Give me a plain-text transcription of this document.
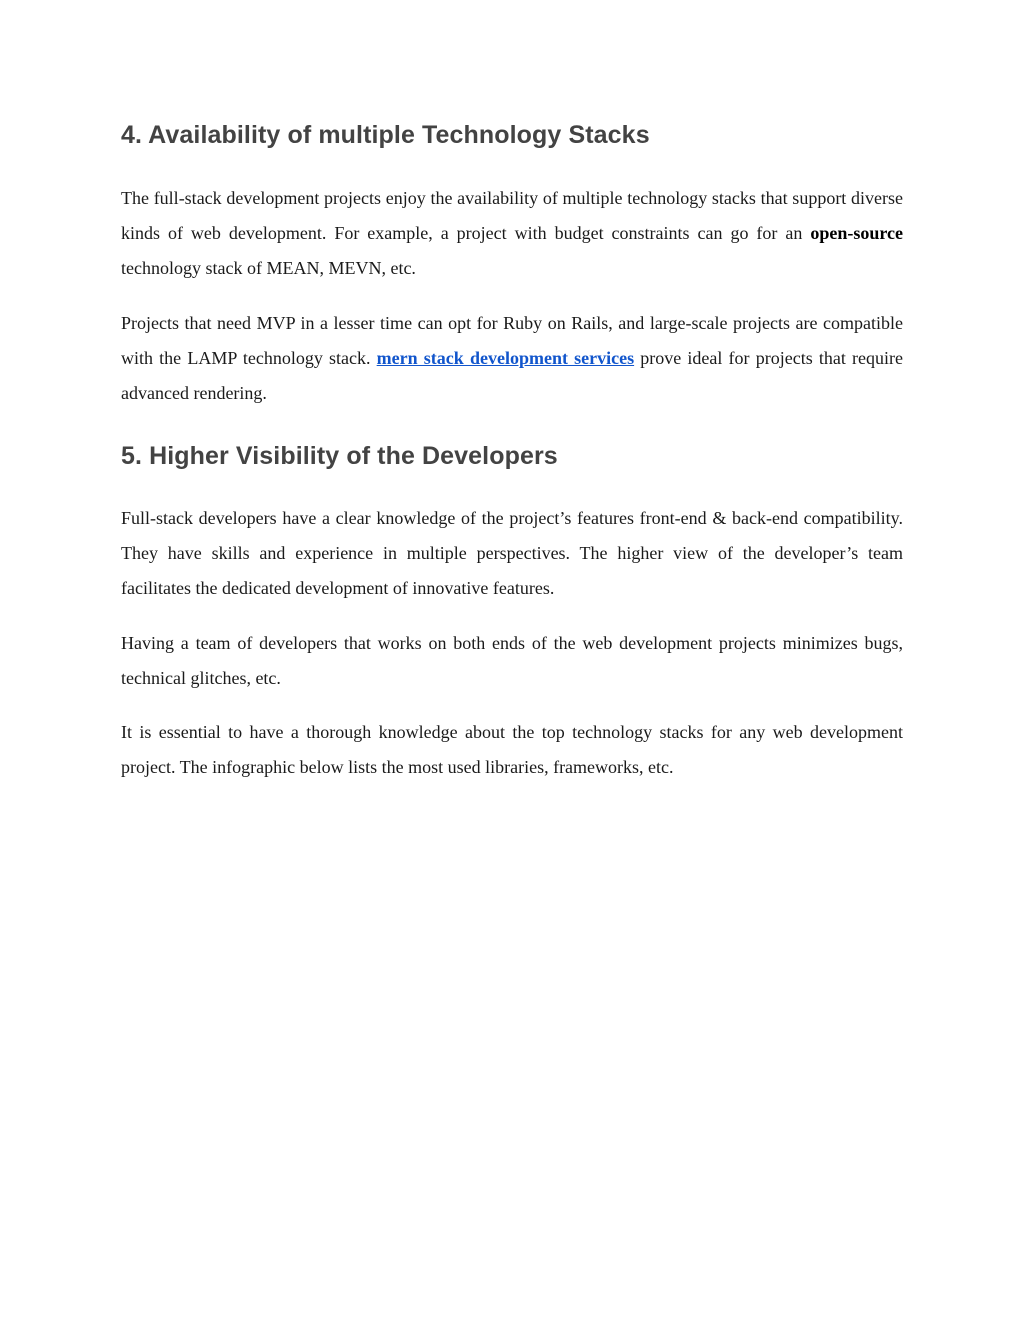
4. Availability of multiple Technology Stacks

The full-stack development projects enjoy the availability of multiple technology stacks that support diverse kinds of web development. For example, a project with budget constraints can go for an open-source technology stack of MEAN, MEVN, etc.

Projects that need MVP in a lesser time can opt for Ruby on Rails, and large-scale projects are compatible with the LAMP technology stack. mern stack development services prove ideal for projects that require advanced rendering.

5. Higher Visibility of the Developers

Full-stack developers have a clear knowledge of the project’s features front-end & back-end compatibility. They have skills and experience in multiple perspectives. The higher view of the developer’s team facilitates the dedicated development of innovative features.

Having a team of developers that works on both ends of the web development projects minimizes bugs, technical glitches, etc.

It is essential to have a thorough knowledge about the top technology stacks for any web development project. The infographic below lists the most used libraries, frameworks, etc.
